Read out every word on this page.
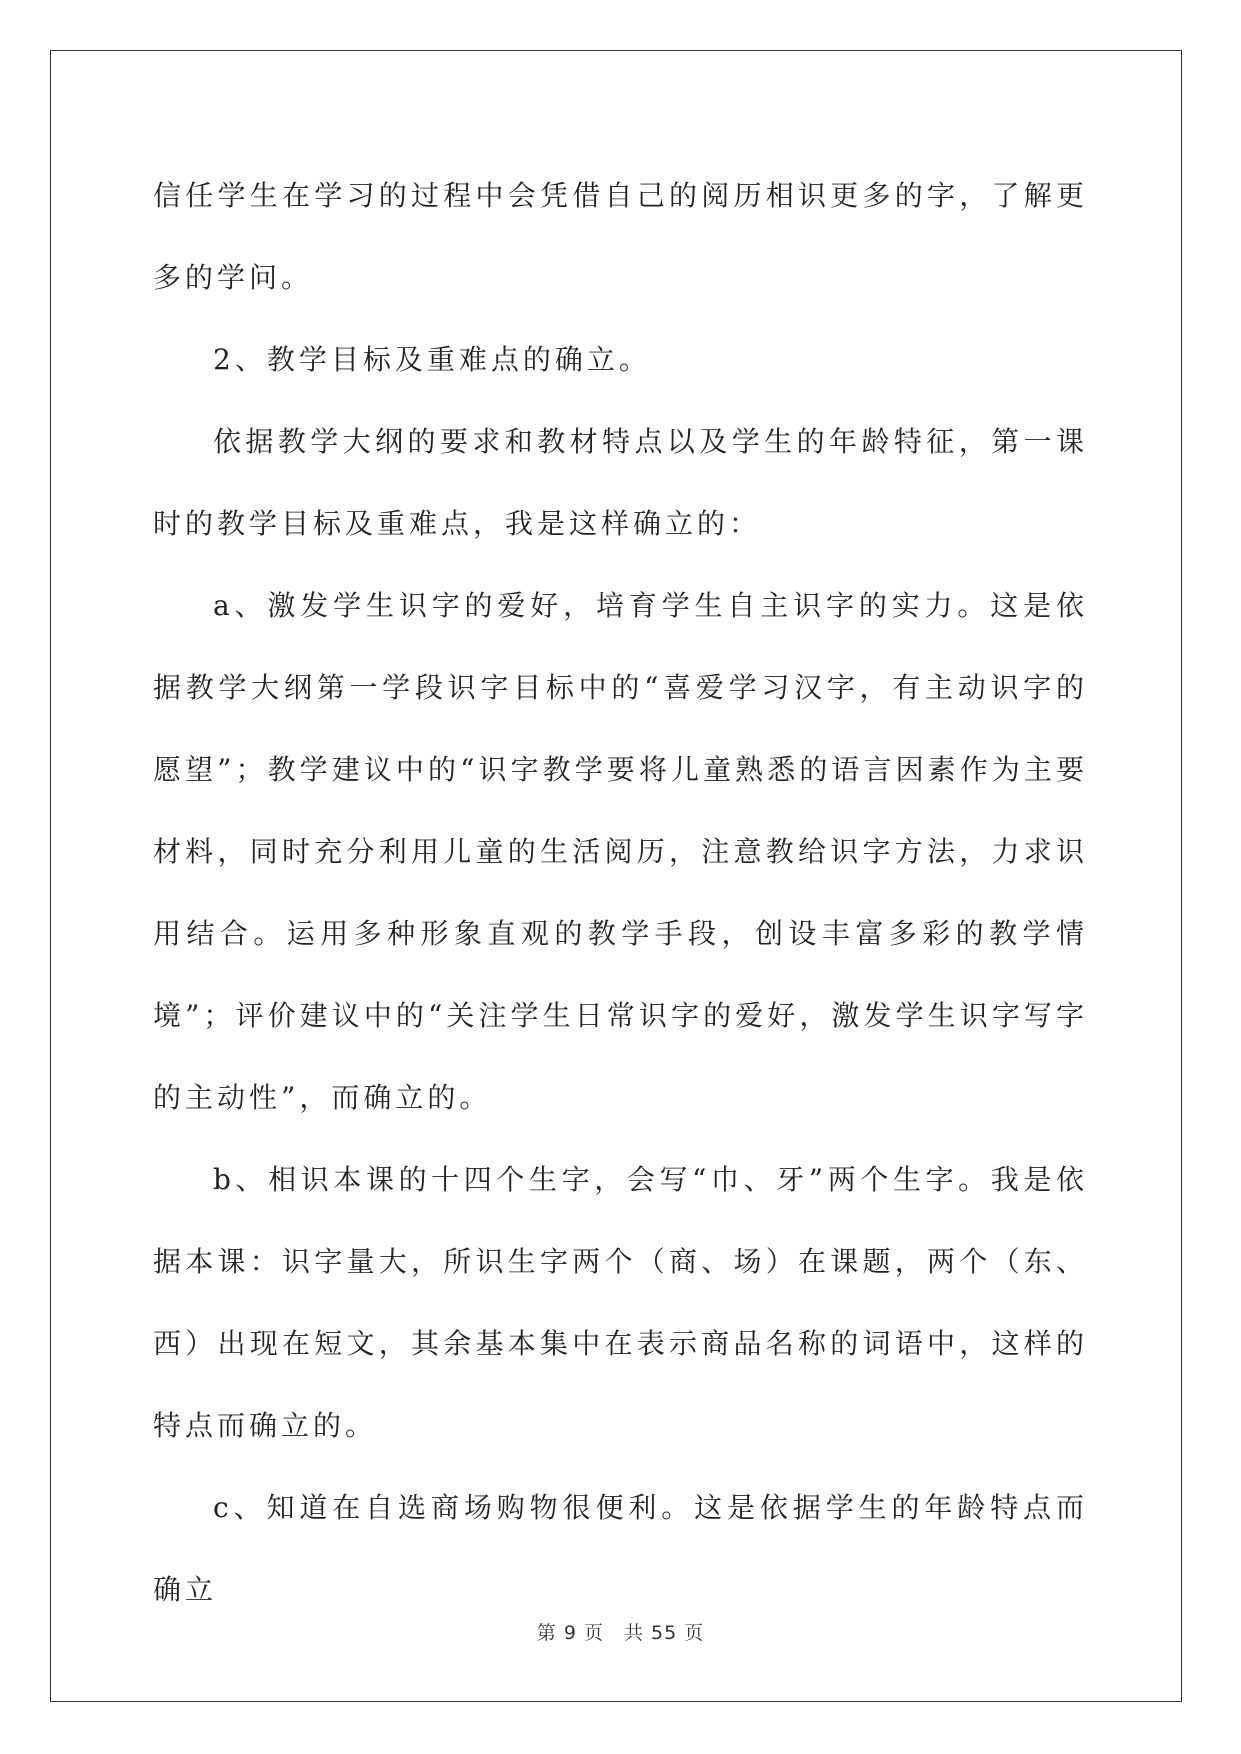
信任学生在学习的过程中会凭借自己的阅历相识更多的字，了解更多的学问。

2、教学目标及重难点的确立。

依据教学大纲的要求和教材特点以及学生的年龄特征，第一课时的教学目标及重难点，我是这样确立的：

a、激发学生识字的爱好，培育学生自主识字的实力。这是依据教学大纲第一学段识字目标中的“喜爱学习汉字，有主动识字的愿望”；教学建议中的“识字教学要将儿童熟悉的语言因素作为主要材料，同时充分利用儿童的生活阅历，注意教给识字方法，力求识用结合。运用多种形象直观的教学手段，创设丰富多彩的教学情境”；评价建议中的“关注学生日常识字的爱好，激发学生识字写字的主动性”，而确立的。

b、相识本课的十四个生字，会写“巾、牙”两个生字。我是依据本课：识字量大，所识生字两个（商、场）在课题，两个（东、西）出现在短文，其余基本集中在表示商品名称的词语中，这样的特点而确立的。

c、知道在自选商场购物很便利。这是依据学生的年龄特点而确立

第 9 页　共 55 页
